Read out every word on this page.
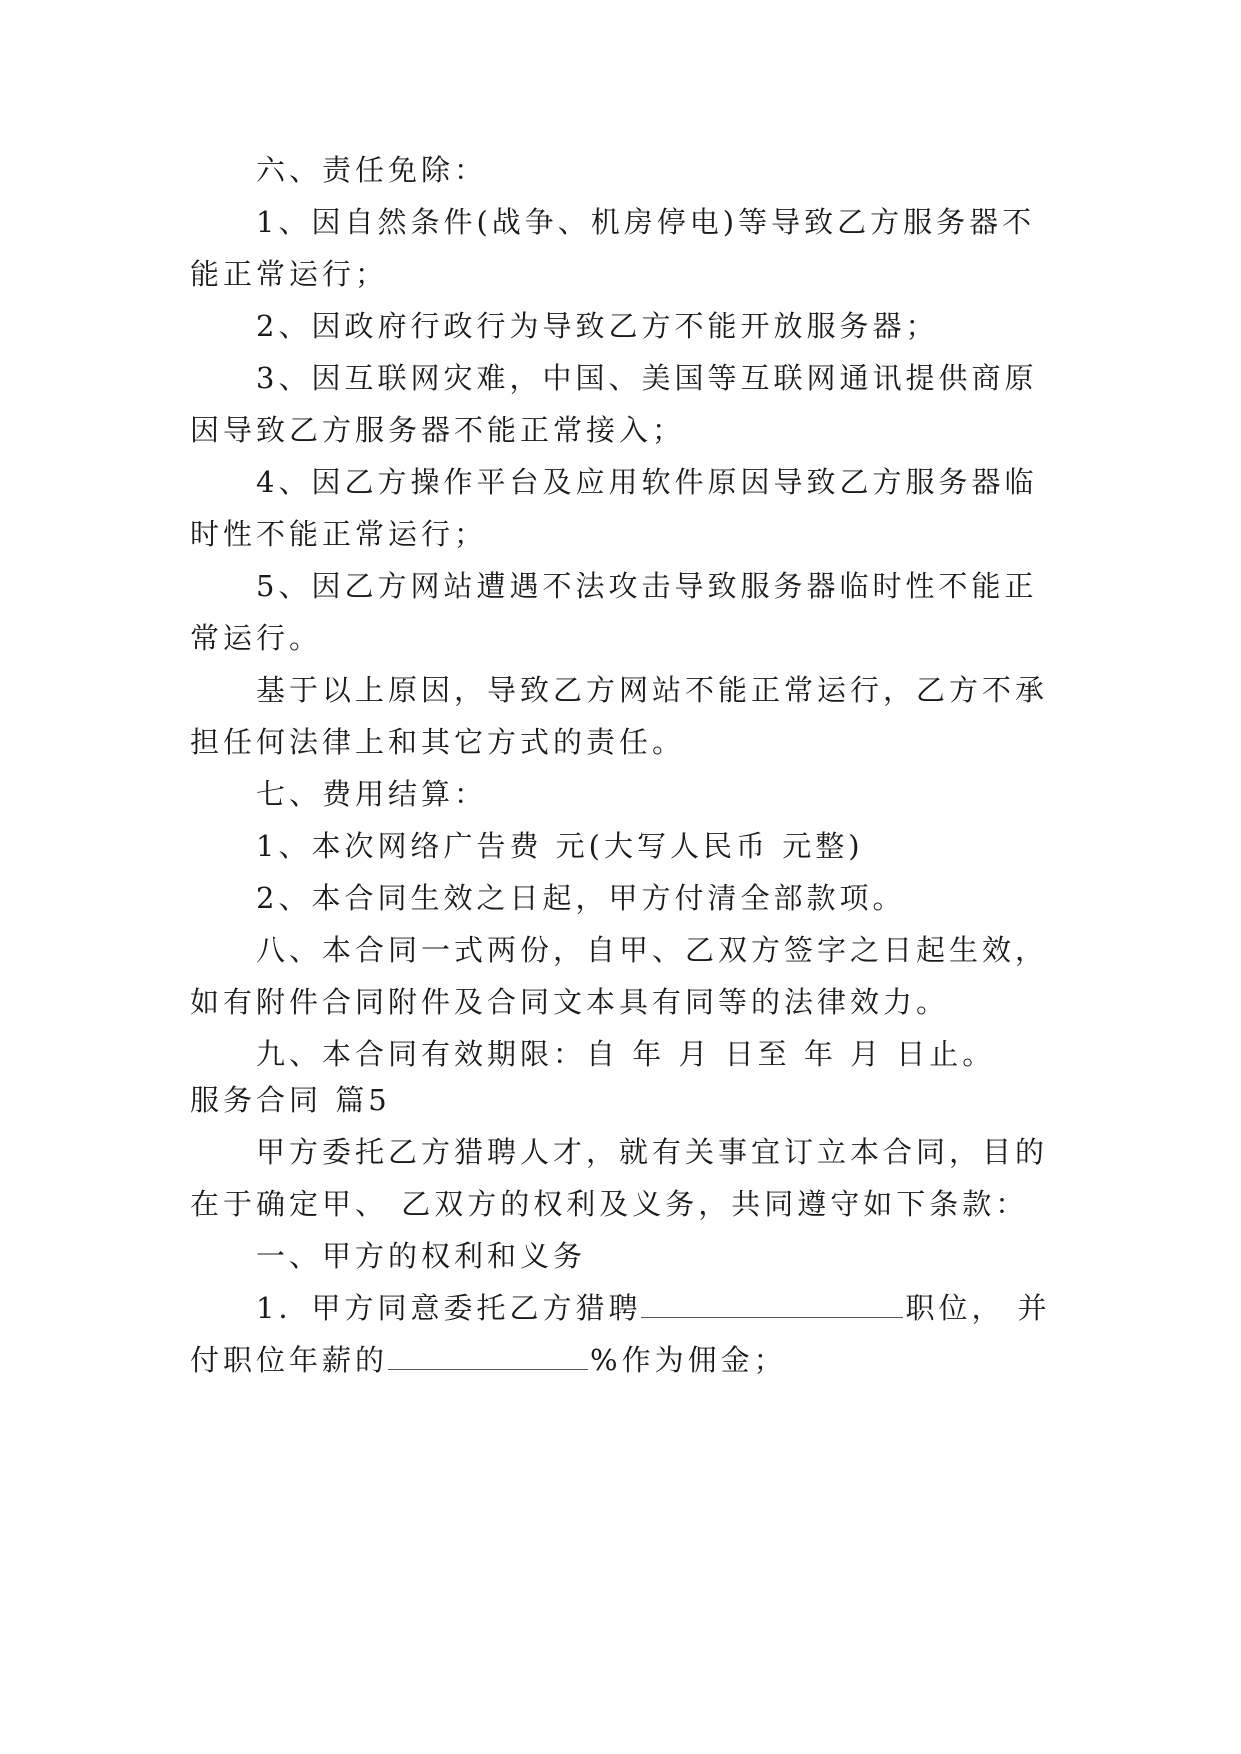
六、责任免除：
1、因自然条件(战争、机房停电)等导致乙方服务器不
能正常运行；
2、因政府行政行为导致乙方不能开放服务器；
3、因互联网灾难，中国、美国等互联网通讯提供商原
因导致乙方服务器不能正常接入；
4、因乙方操作平台及应用软件原因导致乙方服务器临
时性不能正常运行；
5、因乙方网站遭遇不法攻击导致服务器临时性不能正
常运行。
基于以上原因，导致乙方网站不能正常运行，乙方不承
担任何法律上和其它方式的责任。
七、费用结算：
1、本次网络广告费 元(大写人民币 元整)
2、本合同生效之日起，甲方付清全部款项。
八、本合同一式两份，自甲、乙双方签字之日起生效，
如有附件合同附件及合同文本具有同等的法律效力。
九、本合同有效期限：自 年 月 日至 年 月 日止。
服务合同 篇5
甲方委托乙方猎聘人才，就有关事宜订立本合同，目的
在于确定甲、 乙双方的权利及义务，共同遵守如下条款：
一、甲方的权利和义务
1．甲方同意委托乙方猎聘	职位， 并
付职位年薪的	%作为佣金；
